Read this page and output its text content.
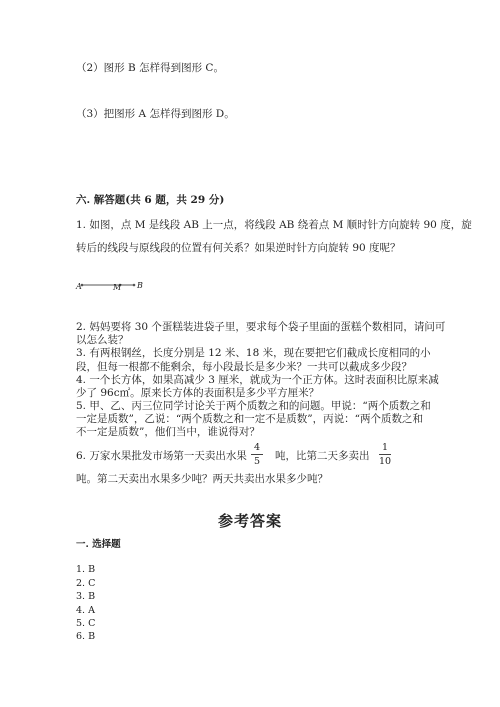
（2）图形 B 怎样得到图形 C。
（3）把图形 A 怎样得到图形 D。
六. 解答题(共 6 题，共 29 分)
1. 如图，点 M 是线段 AB 上一点，将线段 AB 绕着点 M 顺时针方向旋转 90 度，旋
转后的线段与原线段的位置有何关系？如果逆时针方向旋转 90 度呢？
A	M B
2. 妈妈要将 30 个蛋糕装进袋子里，要求每个袋子里面的蛋糕个数相同，请问可
以怎么装？
3. 有两根钢丝，长度分别是 12 米、18 米，现在要把它们截成长度相同的小
段，但每一根都不能剩余，每小段最长是多少米？一共可以截成多少段？
4. 一个长方体，如果高减少 3 厘米，就成为一个正方体。这时表面积比原来减
少了 96c㎡。原来长方体的表面积是多少平方厘米？
5. 甲、乙、丙三位同学讨论关于两个质数之和的问题。甲说：“两个质数之和
一定是质数”，乙说：“两个质数之和一定不是质数”，丙说：“两个质数之和
不一定是质数”，他们当中，谁说得对？
6. 万家水果批发市场第一天卖出水果
4
5	吨，比第二天多卖出
1
10
吨。第二天卖出水果多少吨？两天共卖出水果多少吨？
参考答案
一. 选择题
1. B
2. C
3. B
4. A
5. C
6. B
